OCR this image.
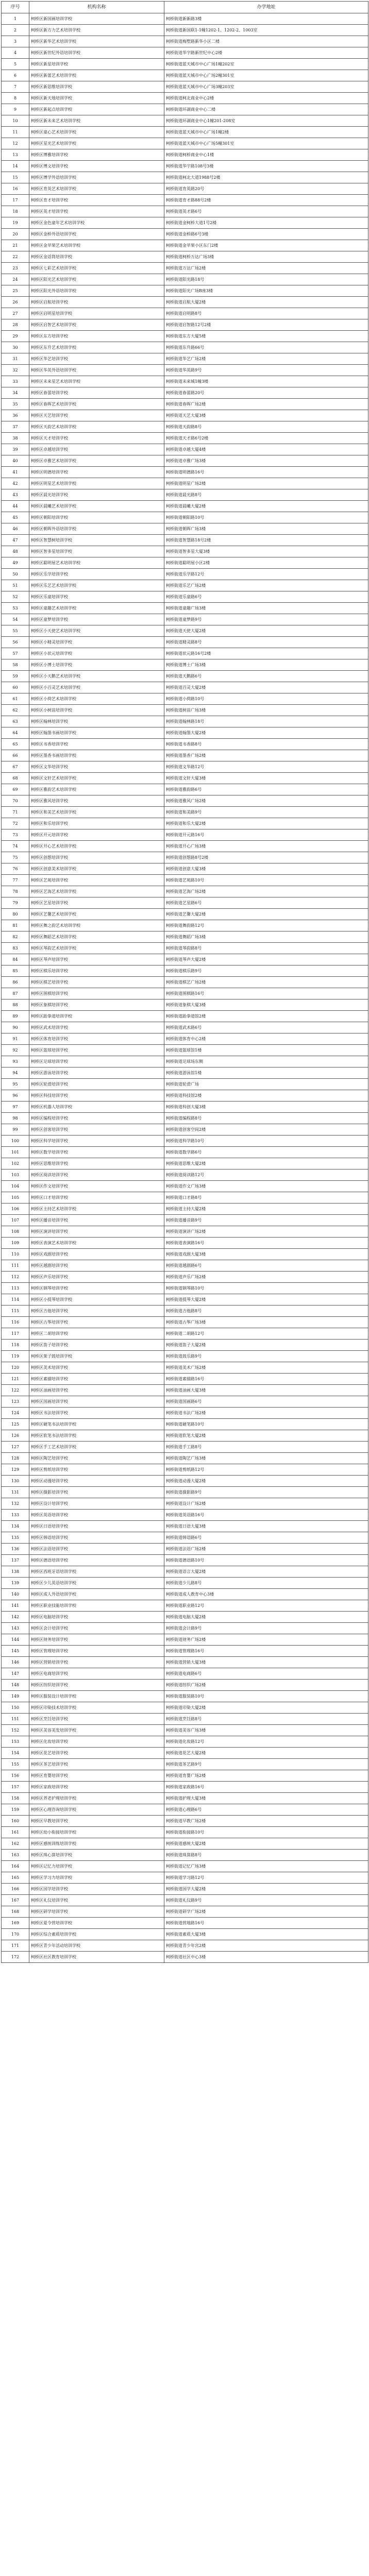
序号	机构名称	办学地址
1	柯桥区新国画培训学校	柯桥街道新新路3楼
2	柯桥区新方力艺术培训学校	柯桥街道新国联1-1幢1202-1、1202-2、1003室
3	柯桥区新华艺术培训学校	柯桥街道梅墅路新华小区二楼
4	柯桥区新世纪外语培训学校	柯桥街道华宇路新世纪中心2楼
5	柯桥区新星培训学校	柯桥街道蓝天城市中心广场1幢202室
6	柯桥区新蕾艺术培训学校	柯桥街道蓝天城市中心广场2幢301室
7	柯桥区新思维培训学校	柯桥街道蓝天城市中心广场3幢203室
8	柯桥区新天地培训学校	柯桥街道柯北商业中心2楼
9	柯桥区新起点培训学校	柯桥街道环湖商业中心二楼
10	柯桥区新未来艺术培训学校	柯桥街道环湖商业中心1幢201-208室
11	柯桥区童心艺术培训学校	柯桥街道蓝天城市中心广场1幢2楼
12	柯桥区星光艺术培训学校	柯桥街道蓝天城市中心广场5幢301室
13	柯桥区博雅培训学校	柯桥街道柯桥商业中心1楼
14	柯桥区博文培训学校	柯桥街道华宇路108号3楼
15	柯桥区博学外语培训学校	柯桥街道柯北大道1988号2楼
16	柯桥区育英艺术培训学校	柯桥街道育英路20号
17	柯桥区育才培训学校	柯桥街道育才路88号2楼
18	柯桥区英才培训学校	柯桥街道英才路6号
19	柯桥区金色童年艺术培训学校	柯桥街道金柯桥大道1号2楼
20	柯桥区金桥外语培训学校	柯桥街道金桥路6号3楼
21	柯桥区金苹果艺术培训学校	柯桥街道金苹果小区东门2楼
22	柯桥区金话筒培训学校	柯桥街道柯桥万达广场3楼
23	柯桥区七彩艺术培训学校	柯桥街道万达广场2楼
24	柯桥区阳光艺术培训学校	柯桥街道阳光路18号
25	柯桥区阳光外语培训学校	柯桥街道阳光广场B座3楼
26	柯桥区启航培训学校	柯桥街道启航大厦2楼
27	柯桥区启明星培训学校	柯桥街道启明路8号
28	柯桥区启智艺术培训学校	柯桥街道启智路12号2楼
29	柯桥区东方培训学校	柯桥街道东方大厦5楼
30	柯桥区东升艺术培训学校	柯桥街道东升路66号
31	柯桥区华艺培训学校	柯桥街道华艺广场2楼
32	柯桥区华英外语培训学校	柯桥街道华英路9号
33	柯桥区未来星艺术培训学校	柯桥街道未来城1幢3楼
34	柯桥区春蕾培训学校	柯桥街道春蕾路20号
35	柯桥区春晖艺术培训学校	柯桥街道春晖广场2楼
36	柯桥区天艺培训学校	柯桥街道天艺大厦3楼
37	柯桥区天韵艺术培训学校	柯桥街道天韵路8号
38	柯桥区天才培训学校	柯桥街道天才路6号2楼
39	柯桥区卓越培训学校	柯桥街道卓越大厦4楼
40	柯桥区卓雅艺术培训学校	柯桥街道卓雅广场3楼
41	柯桥区明德培训学校	柯桥街道明德路16号
42	柯桥区明星艺术培训学校	柯桥街道明星广场2楼
43	柯桥区晨光培训学校	柯桥街道晨光路8号
44	柯桥区晨曦艺术培训学校	柯桥街道晨曦大厦2楼
45	柯桥区朝阳培训学校	柯桥街道朝阳路10号
46	柯桥区朝晖外语培训学校	柯桥街道朝晖广场3楼
47	柯桥区智慧树培训学校	柯桥街道智慧路18号2楼
48	柯桥区智多星培训学校	柯桥街道智多星大厦3楼
49	柯桥区聪明屋艺术培训学校	柯桥街道聪明屋小区2楼
50	柯桥区乐学培训学校	柯桥街道乐学路12号
51	柯桥区乐艺艺术培训学校	柯桥街道乐艺广场2楼
52	柯桥区乐童培训学校	柯桥街道乐童路6号
53	柯桥区童趣艺术培训学校	柯桥街道童趣广场3楼
54	柯桥区童梦培训学校	柯桥街道童梦路9号
55	柯桥区小天使艺术培训学校	柯桥街道天使大厦2楼
56	柯桥区小精灵培训学校	柯桥街道精灵路8号
57	柯桥区小状元培训学校	柯桥街道状元路16号2楼
58	柯桥区小博士培训学校	柯桥街道博士广场3楼
59	柯桥区小天鹅艺术培训学校	柯桥街道天鹅路6号
60	柯桥区小百灵艺术培训学校	柯桥街道百灵大厦2楼
61	柯桥区小荷艺术培训学校	柯桥街道小荷路10号
62	柯桥区小树苗培训学校	柯桥街道树苗广场3楼
63	柯桥区翰林培训学校	柯桥街道翰林路18号
64	柯桥区翰墨书画培训学校	柯桥街道翰墨大厦2楼
65	柯桥区书香培训学校	柯桥街道书香路8号
66	柯桥区墨香书画培训学校	柯桥街道墨香广场2楼
67	柯桥区文华培训学校	柯桥街道文华路12号
68	柯桥区文轩艺术培训学校	柯桥街道文轩大厦3楼
69	柯桥区雅韵艺术培训学校	柯桥街道雅韵路6号
70	柯桥区雅风培训学校	柯桥街道雅风广场2楼
71	柯桥区和美艺术培训学校	柯桥街道和美路9号
72	柯桥区和乐培训学校	柯桥街道和乐大厦2楼
73	柯桥区开元培训学校	柯桥街道开元路16号
74	柯桥区开心艺术培训学校	柯桥街道开心广场3楼
75	柯桥区创想培训学校	柯桥街道创想路8号2楼
76	柯桥区创意美术培训学校	柯桥街道创意大厦3楼
77	柯桥区艺苑培训学校	柯桥街道艺苑路10号
78	柯桥区艺海艺术培训学校	柯桥街道艺海广场2楼
79	柯桥区艺星培训学校	柯桥街道艺星路6号
80	柯桥区艺馨艺术培训学校	柯桥街道艺馨大厦2楼
81	柯桥区舞之韵艺术培训学校	柯桥街道舞韵路12号
82	柯桥区舞蹈艺术培训学校	柯桥街道舞蹈广场3楼
83	柯桥区琴韵艺术培训学校	柯桥街道琴韵路8号
84	柯桥区琴声培训学校	柯桥街道琴声大厦2楼
85	柯桥区棋乐培训学校	柯桥街道棋乐路9号
86	柯桥区棋艺培训学校	柯桥街道棋艺广场2楼
87	柯桥区围棋培训学校	柯桥街道围棋路16号
88	柯桥区象棋培训学校	柯桥街道象棋大厦3楼
89	柯桥区跆拳道培训学校	柯桥街道跆拳道馆2楼
90	柯桥区武术培训学校	柯桥街道武术路6号
91	柯桥区体育培训学校	柯桥街道体育中心2楼
92	柯桥区篮球培训学校	柯桥街道篮球馆1楼
93	柯桥区足球培训学校	柯桥街道足球场东侧
94	柯桥区游泳培训学校	柯桥街道游泳馆1楼
95	柯桥区轮滑培训学校	柯桥街道轮滑广场
96	柯桥区科技培训学校	柯桥街道科技馆2楼
97	柯桥区机器人培训学校	柯桥街道科创大厦3楼
98	柯桥区编程培训学校	柯桥街道编程路8号
99	柯桥区创客培训学校	柯桥街道创客空间2楼
100	柯桥区科学培训学校	柯桥街道科学路10号
101	柯桥区数学培训学校	柯桥街道数学路6号
102	柯桥区思维培训学校	柯桥街道思维大厦2楼
103	柯桥区阅读培训学校	柯桥街道阅读路12号
104	柯桥区作文培训学校	柯桥街道作文广场3楼
105	柯桥区口才培训学校	柯桥街道口才路8号
106	柯桥区主持艺术培训学校	柯桥街道主持大厦2楼
107	柯桥区播音培训学校	柯桥街道播音路9号
108	柯桥区演讲培训学校	柯桥街道演讲广场2楼
109	柯桥区表演艺术培训学校	柯桥街道表演路16号
110	柯桥区戏剧培训学校	柯桥街道戏剧大厦3楼
111	柯桥区越剧培训学校	柯桥街道越剧路6号
112	柯桥区声乐培训学校	柯桥街道声乐广场2楼
113	柯桥区钢琴培训学校	柯桥街道钢琴路10号
114	柯桥区小提琴培训学校	柯桥街道提琴大厦2楼
115	柯桥区吉他培训学校	柯桥街道吉他路8号
116	柯桥区古筝培训学校	柯桥街道古筝广场3楼
117	柯桥区二胡培训学校	柯桥街道二胡路12号
118	柯桥区笛子培训学校	柯桥街道笛子大厦2楼
119	柯桥区架子鼓培训学校	柯桥街道鼓乐路9号
120	柯桥区美术培训学校	柯桥街道美术广场2楼
121	柯桥区素描培训学校	柯桥街道素描路16号
122	柯桥区油画培训学校	柯桥街道油画大厦3楼
123	柯桥区国画培训学校	柯桥街道国画路6号
124	柯桥区书法培训学校	柯桥街道书法广场2楼
125	柯桥区硬笔书法培训学校	柯桥街道硬笔路10号
126	柯桥区软笔书法培训学校	柯桥街道软笔大厦2楼
127	柯桥区手工艺术培训学校	柯桥街道手工路8号
128	柯桥区陶艺培训学校	柯桥街道陶艺广场3楼
129	柯桥区剪纸培训学校	柯桥街道剪纸路12号
130	柯桥区动漫培训学校	柯桥街道动漫大厦2楼
131	柯桥区摄影培训学校	柯桥街道摄影路9号
132	柯桥区设计培训学校	柯桥街道设计广场2楼
133	柯桥区英语培训学校	柯桥街道英语路16号
134	柯桥区日语培训学校	柯桥街道日语大厦3楼
135	柯桥区韩语培训学校	柯桥街道韩语路6号
136	柯桥区法语培训学校	柯桥街道法语广场2楼
137	柯桥区德语培训学校	柯桥街道德语路10号
138	柯桥区西班牙语培训学校	柯桥街道语言大厦2楼
139	柯桥区少儿英语培训学校	柯桥街道少儿路8号
140	柯桥区成人外语培训学校	柯桥街道成人教育中心3楼
141	柯桥区职业技能培训学校	柯桥街道职业路12号
142	柯桥区电脑培训学校	柯桥街道电脑大厦2楼
143	柯桥区会计培训学校	柯桥街道会计路9号
144	柯桥区财务培训学校	柯桥街道财务广场2楼
145	柯桥区管理培训学校	柯桥街道管理路16号
146	柯桥区营销培训学校	柯桥街道营销大厦3楼
147	柯桥区电商培训学校	柯桥街道电商路6号
148	柯桥区纺织培训学校	柯桥街道纺织广场2楼
149	柯桥区服装设计培训学校	柯桥街道服装路10号
150	柯桥区印染技术培训学校	柯桥街道印染大厦2楼
151	柯桥区烹饪培训学校	柯桥街道烹饪路8号
152	柯桥区美容美发培训学校	柯桥街道美容广场3楼
153	柯桥区化妆培训学校	柯桥街道化妆路12号
154	柯桥区花艺培训学校	柯桥街道花艺大厦2楼
155	柯桥区茶艺培训学校	柯桥街道茶艺路9号
156	柯桥区育婴培训学校	柯桥街道育婴广场2楼
157	柯桥区家政培训学校	柯桥街道家政路16号
158	柯桥区养老护理培训学校	柯桥街道护理大厦3楼
159	柯桥区心理咨询培训学校	柯桥街道心理路6号
160	柯桥区早教培训学校	柯桥街道早教广场2楼
161	柯桥区幼小衔接培训学校	柯桥街道衔接路10号
162	柯桥区感统训练培训学校	柯桥街道感统大厦2楼
163	柯桥区珠心算培训学校	柯桥街道珠算路8号
164	柯桥区记忆力培训学校	柯桥街道记忆广场3楼
165	柯桥区学习力培训学校	柯桥街道学习路12号
166	柯桥区国学培训学校	柯桥街道国学大厦2楼
167	柯桥区礼仪培训学校	柯桥街道礼仪路9号
168	柯桥区研学培训学校	柯桥街道研学广场2楼
169	柯桥区夏令营培训学校	柯桥街道营地路16号
170	柯桥区综合素质培训学校	柯桥街道素质大厦3楼
171	柯桥区青少年活动培训学校	柯桥街道青少年宫2楼
172	柯桥区社区教育培训学校	柯桥街道社区中心3楼
